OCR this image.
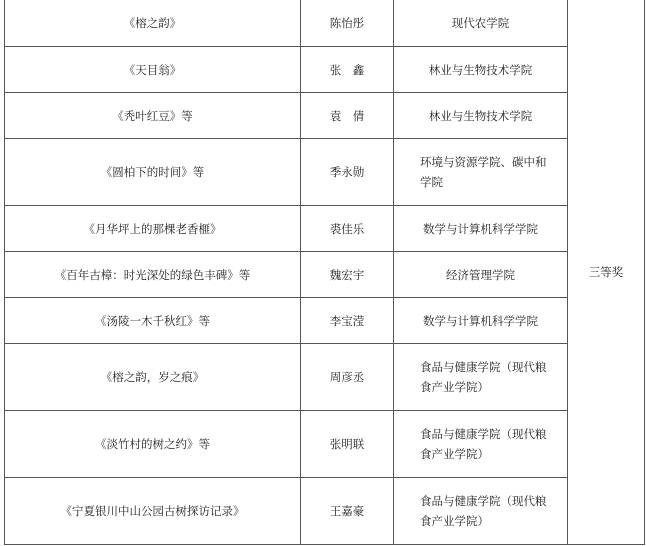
《榕之韵》	陈怡彤	现代农学院	三等奖
《天目翁》	张　鑫	林业与生物技术学院	
《秃叶红豆》等	袁　倩	林业与生物技术学院	
《圆柏下的时间》等	季永勋	环境与资源学院、碳中和学院	
《月华坪上的那棵老香榧》	裘佳乐	数学与计算机科学学院	
《百年古樟：时光深处的绿色丰碑》等	魏宏宇	经济管理学院	
《汤陵一木千秋红》等	李宝滢	数学与计算机科学学院	
《榕之韵，岁之痕》	周彦丞	食品与健康学院（现代粮食产业学院）	
《淡竹村的树之约》等	张明联	食品与健康学院（现代粮食产业学院）	
《宁夏银川中山公园古树探访记录》	王嘉豪	食品与健康学院（现代粮食产业学院）	
